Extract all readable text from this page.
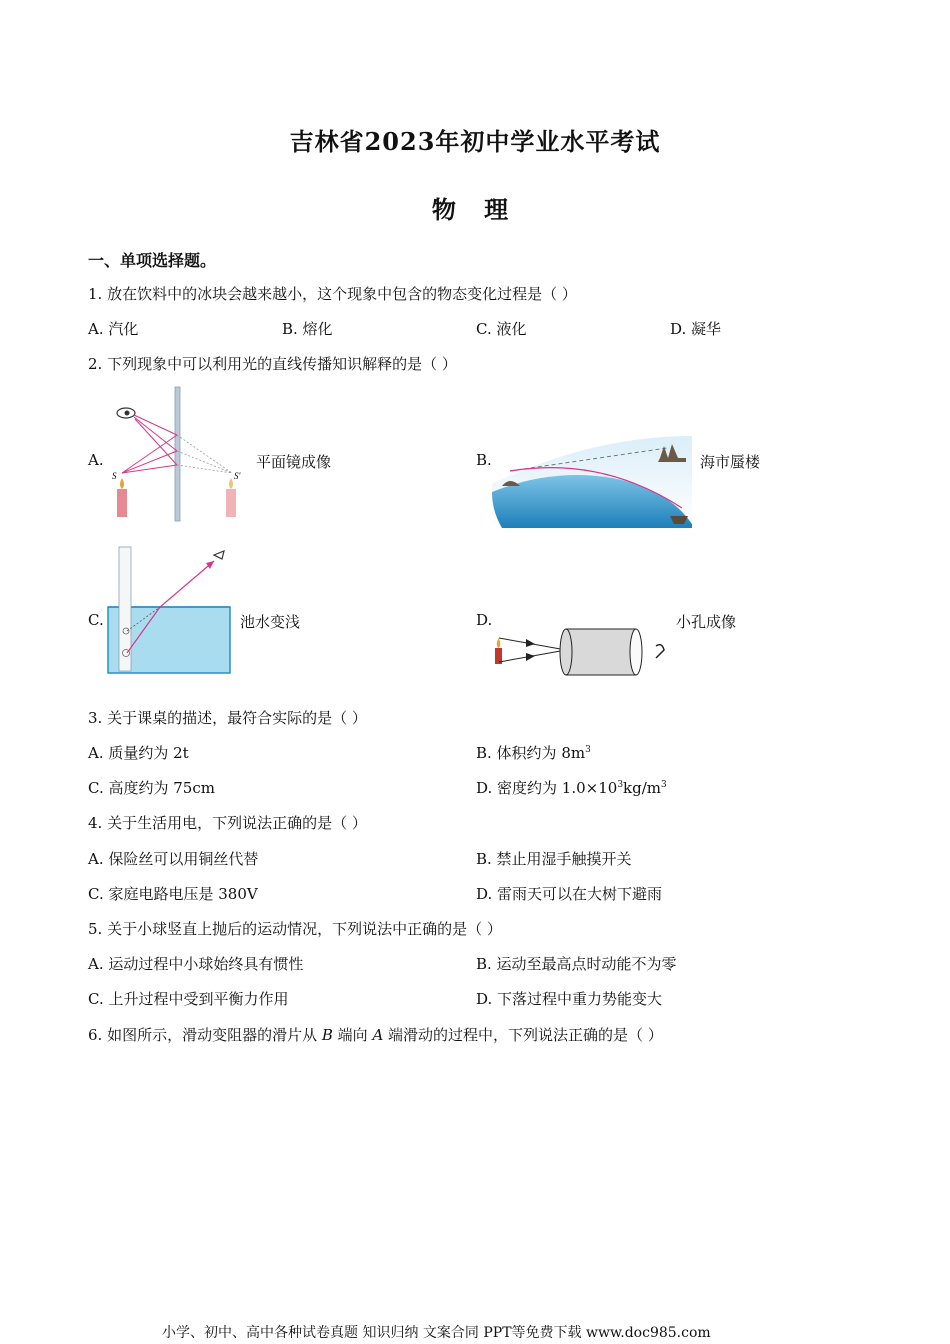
吉林省2023年初中学业水平考试
物 理
一、单项选择题。
1. 放在饮料中的冰块会越来越小，这个现象中包含的物态变化过程是（ ）
A. 汽化	B. 熔化	C. 液化	D. 凝华
2. 下列现象中可以利用光的直线传播知识解释的是（ ）
A.	平面镜成像
S	S′
B.	海市蜃楼
C.	池水变浅	D.	小孔成像
3. 关于课桌的描述，最符合实际的是（ ）
A. 质量约为 2t	B. 体积约为 $8m^3$
C. 高度约为 75cm	D. 密度约为 $1.0\times 10^3kg/m^3$
4. 关于生活用电，下列说法正确的是（ ）
A. 保险丝可以用铜丝代替	B. 禁止用湿手触摸开关
C. 家庭电路电压是 380V	D. 雷雨天可以在大树下避雨
5. 关于小球竖直上抛后的运动情况，下列说法中正确的是（ ）
A. 运动过程中小球始终具有惯性	B. 运动至最高点时动能不为零
C. 上升过程中受到平衡力作用	D. 下落过程中重力势能变大
6. 如图所示，滑动变阻器的滑片从 B 端向 A 端滑动的过程中，下列说法正确的是（ ）
小学、初中、高中各种试卷真题 知识归纳 文案合同 PPT等免费下载 www.doc985.com
